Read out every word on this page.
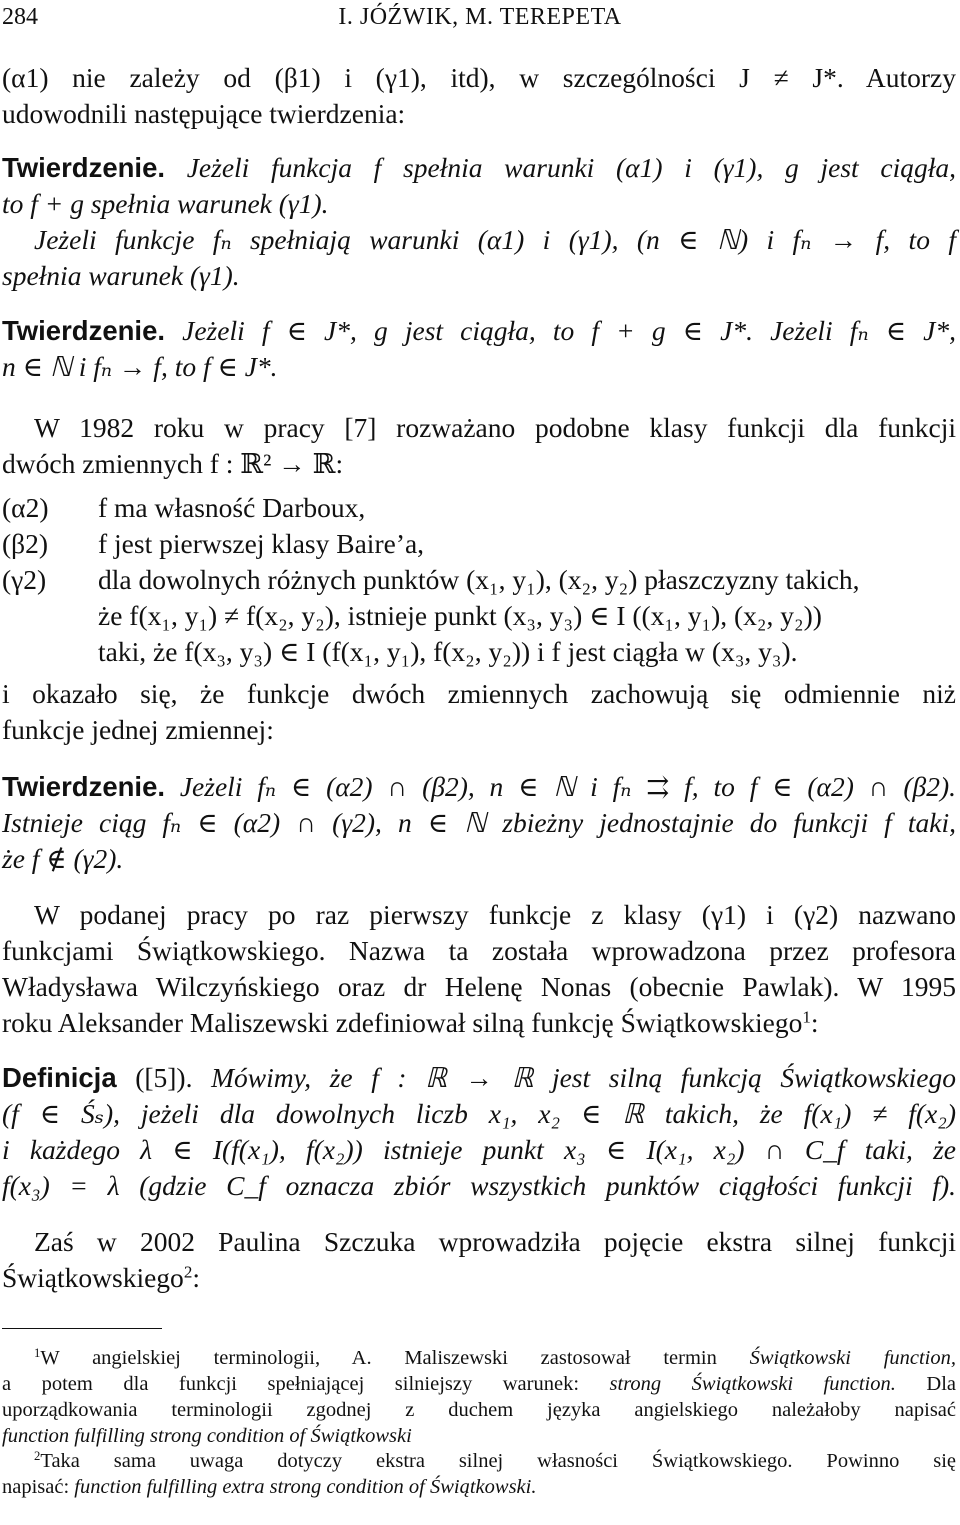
284	I. JÓŹWIK, M. TEREPETA
(α1) nie zależy od (β1) i (γ1), itd), w szczególności J ≠ J*. Autorzy
udowodnili następujące twierdzenia:
Twierdzenie. Jeżeli funkcja f spełnia warunki (α1) i (γ1), g jest ciągła,
to f + g spełnia warunek (γ1).
Jeżeli funkcje fₙ spełniają warunki (α1) i (γ1), (n ∈ ℕ) i fₙ → f, to f
spełnia warunek (γ1).
Twierdzenie. Jeżeli f ∈ J*, g jest ciągła, to f + g ∈ J*. Jeżeli fₙ ∈ J*,
n ∈ ℕ i fₙ → f, to f ∈ J*.
W 1982 roku w pracy [7] rozważano podobne klasy funkcji dla funkcji
dwóch zmiennych f : ℝ² → ℝ:
(α2)	f ma własność Darboux,
(β2)	f jest pierwszej klasy Baire’a,
(γ2)	dla dowolnych różnych punktów (x₁, y₁), (x₂, y₂) płaszczyzny takich,
że f(x₁, y₁) ≠ f(x₂, y₂), istnieje punkt (x₃, y₃) ∈ I ((x₁, y₁), (x₂, y₂))
taki, że f(x₃, y₃) ∈ I (f(x₁, y₁), f(x₂, y₂)) i f jest ciągła w (x₃, y₃).
i okazało się, że funkcje dwóch zmiennych zachowują się odmiennie niż
funkcje jednej zmiennej:
Twierdzenie. Jeżeli fₙ ∈ (α2) ∩ (β2), n ∈ ℕ i fₙ ⇉ f, to f ∈ (α2) ∩ (β2).
Istnieje ciąg fₙ ∈ (α2) ∩ (γ2), n ∈ ℕ zbieżny jednostajnie do funkcji f taki,
że f ∉ (γ2).
W podanej pracy po raz pierwszy funkcje z klasy (γ1) i (γ2) nazwano
funkcjami Świątkowskiego. Nazwa ta została wprowadzona przez profesora
Władysława Wilczyńskiego oraz dr Helenę Nonas (obecnie Pawlak). W 1995
roku Aleksander Maliszewski zdefiniował silną funkcję Świątkowskiego$^1$:
Definicja ([5]). Mówimy, że f : ℝ → ℝ jest silną funkcją Świątkowskiego
(f ∈ Śₛ), jeżeli dla dowolnych liczb x₁, x₂ ∈ ℝ takich, że f(x₁) ≠ f(x₂)
i każdego λ ∈ I(f(x₁), f(x₂)) istnieje punkt x₃ ∈ I(x₁, x₂) ∩ C_f taki, że
f(x₃) = λ (gdzie C_f oznacza zbiór wszystkich punktów ciągłości funkcji f).
Zaś w 2002 Paulina Szczuka wprowadziła pojęcie ekstra silnej funkcji
Świątkowskiego$^2$:
$^1$W angielskiej terminologii, A. Maliszewski zastosował termin Świątkowski function,
a potem dla funkcji spełniającej silniejszy warunek: strong Świątkowski function. Dla
uporządkowania terminologii zgodnej z duchem języka angielskiego należałoby napisać
function fulfilling strong condition of Świątkowski
$^2$Taka sama uwaga dotyczy ekstra silnej własności Świątkowskiego. Powinno się
napisać: function fulfilling extra strong condition of Świątkowski.
